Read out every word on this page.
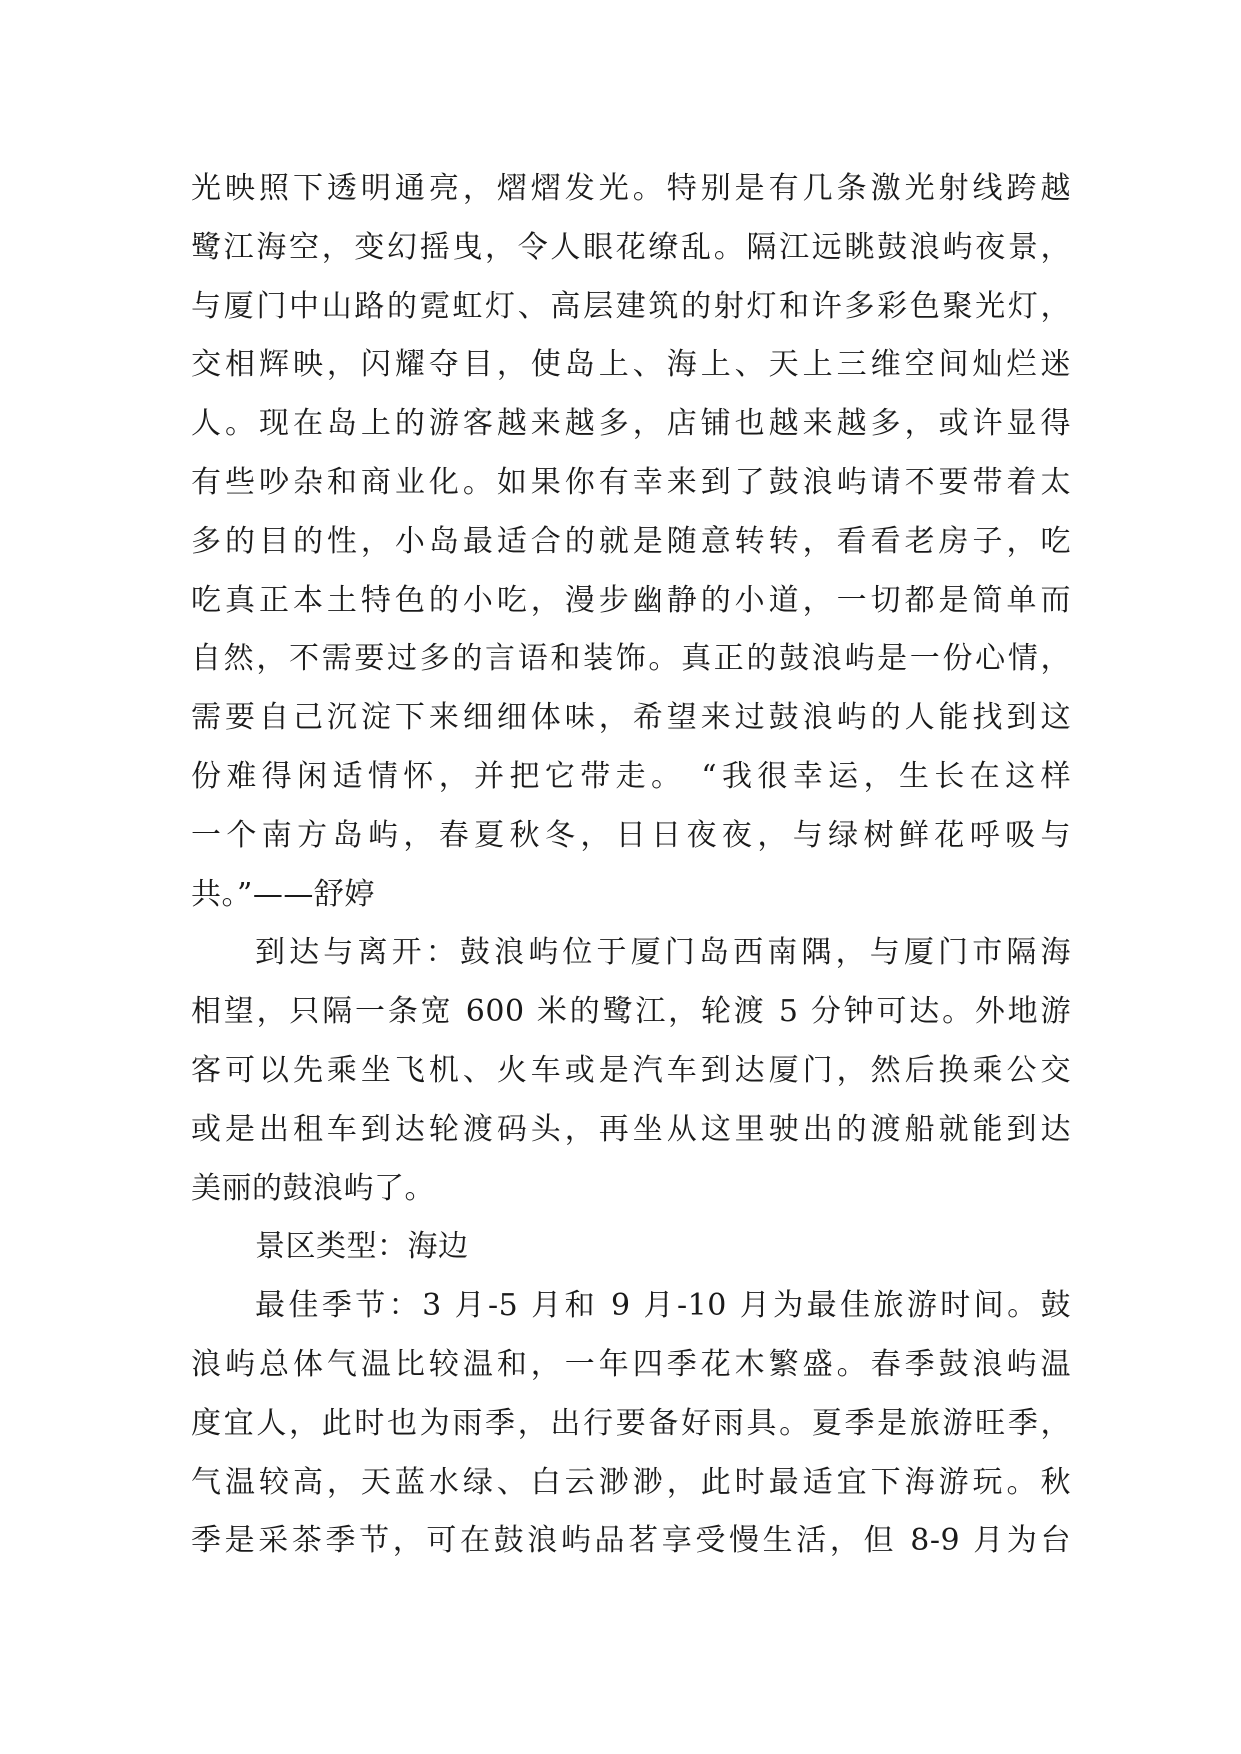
光映照下透明通亮，熠熠发光。特别是有几条激光射线跨越
鹭江海空，变幻摇曳，令人眼花缭乱。隔江远眺鼓浪屿夜景，
与厦门中山路的霓虹灯、高层建筑的射灯和许多彩色聚光灯，
交相辉映，闪耀夺目，使岛上、海上、天上三维空间灿烂迷
人。现在岛上的游客越来越多，店铺也越来越多，或许显得
有些吵杂和商业化。如果你有幸来到了鼓浪屿请不要带着太
多的目的性，小岛最适合的就是随意转转，看看老房子，吃
吃真正本土特色的小吃，漫步幽静的小道，一切都是简单而
自然，不需要过多的言语和装饰。真正的鼓浪屿是一份心情，
需要自己沉淀下来细细体味，希望来过鼓浪屿的人能找到这
份难得闲适情怀，并把它带走。 “我很幸运，生长在这样
一个南方岛屿，春夏秋冬，日日夜夜，与绿树鲜花呼吸与
共。”——舒婷
到达与离开：鼓浪屿位于厦门岛西南隅，与厦门市隔海
相望，只隔一条宽 600 米的鹭江，轮渡 5 分钟可达。外地游
客可以先乘坐飞机、火车或是汽车到达厦门，然后换乘公交
或是出租车到达轮渡码头，再坐从这里驶出的渡船就能到达
美丽的鼓浪屿了。
景区类型：海边
最佳季节：3 月-5 月和 9 月-10 月为最佳旅游时间。鼓
浪屿总体气温比较温和，一年四季花木繁盛。春季鼓浪屿温
度宜人，此时也为雨季，出行要备好雨具。夏季是旅游旺季，
气温较高，天蓝水绿、白云渺渺，此时最适宜下海游玩。秋
季是采茶季节，可在鼓浪屿品茗享受慢生活，但 8-9 月为台
